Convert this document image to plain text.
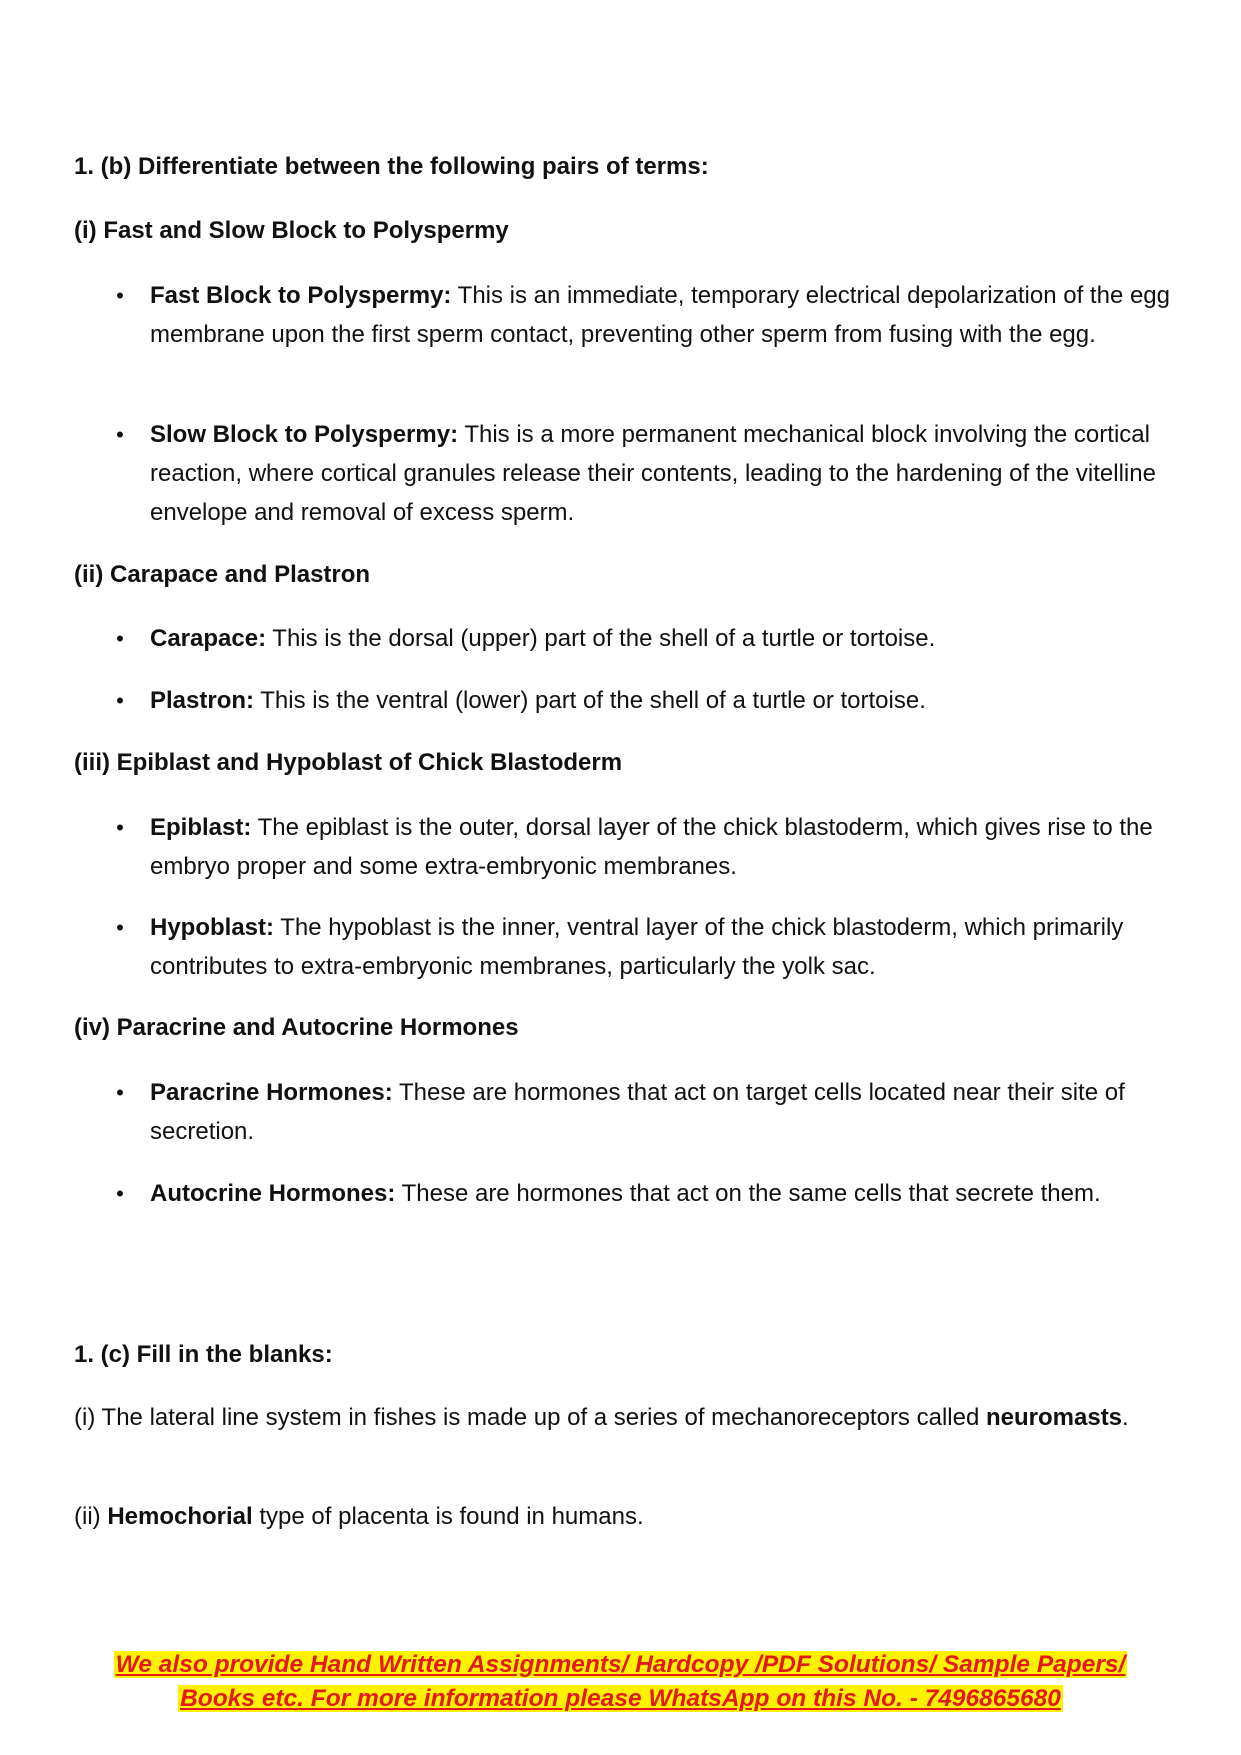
1. (b) Differentiate between the following pairs of terms:
(i) Fast and Slow Block to Polyspermy
• Fast Block to Polyspermy: This is an immediate, temporary electrical depolarization of the egg membrane upon the first sperm contact, preventing other sperm from fusing with the egg.
• Slow Block to Polyspermy: This is a more permanent mechanical block involving the cortical reaction, where cortical granules release their contents, leading to the hardening of the vitelline envelope and removal of excess sperm.
(ii) Carapace and Plastron
• Carapace: This is the dorsal (upper) part of the shell of a turtle or tortoise.
• Plastron: This is the ventral (lower) part of the shell of a turtle or tortoise.
(iii) Epiblast and Hypoblast of Chick Blastoderm
• Epiblast: The epiblast is the outer, dorsal layer of the chick blastoderm, which gives rise to the embryo proper and some extra-embryonic membranes.
• Hypoblast: The hypoblast is the inner, ventral layer of the chick blastoderm, which primarily contributes to extra-embryonic membranes, particularly the yolk sac.
(iv) Paracrine and Autocrine Hormones
• Paracrine Hormones: These are hormones that act on target cells located near their site of secretion.
• Autocrine Hormones: These are hormones that act on the same cells that secrete them.
1. (c) Fill in the blanks:
(i) The lateral line system in fishes is made up of a series of mechanoreceptors called neuromasts.
(ii) Hemochorial type of placenta is found in humans.
We also provide Hand Written Assignments/ Hardcopy /PDF Solutions/ Sample Papers/
Books etc. For more information please WhatsApp on this No. - 7496865680
